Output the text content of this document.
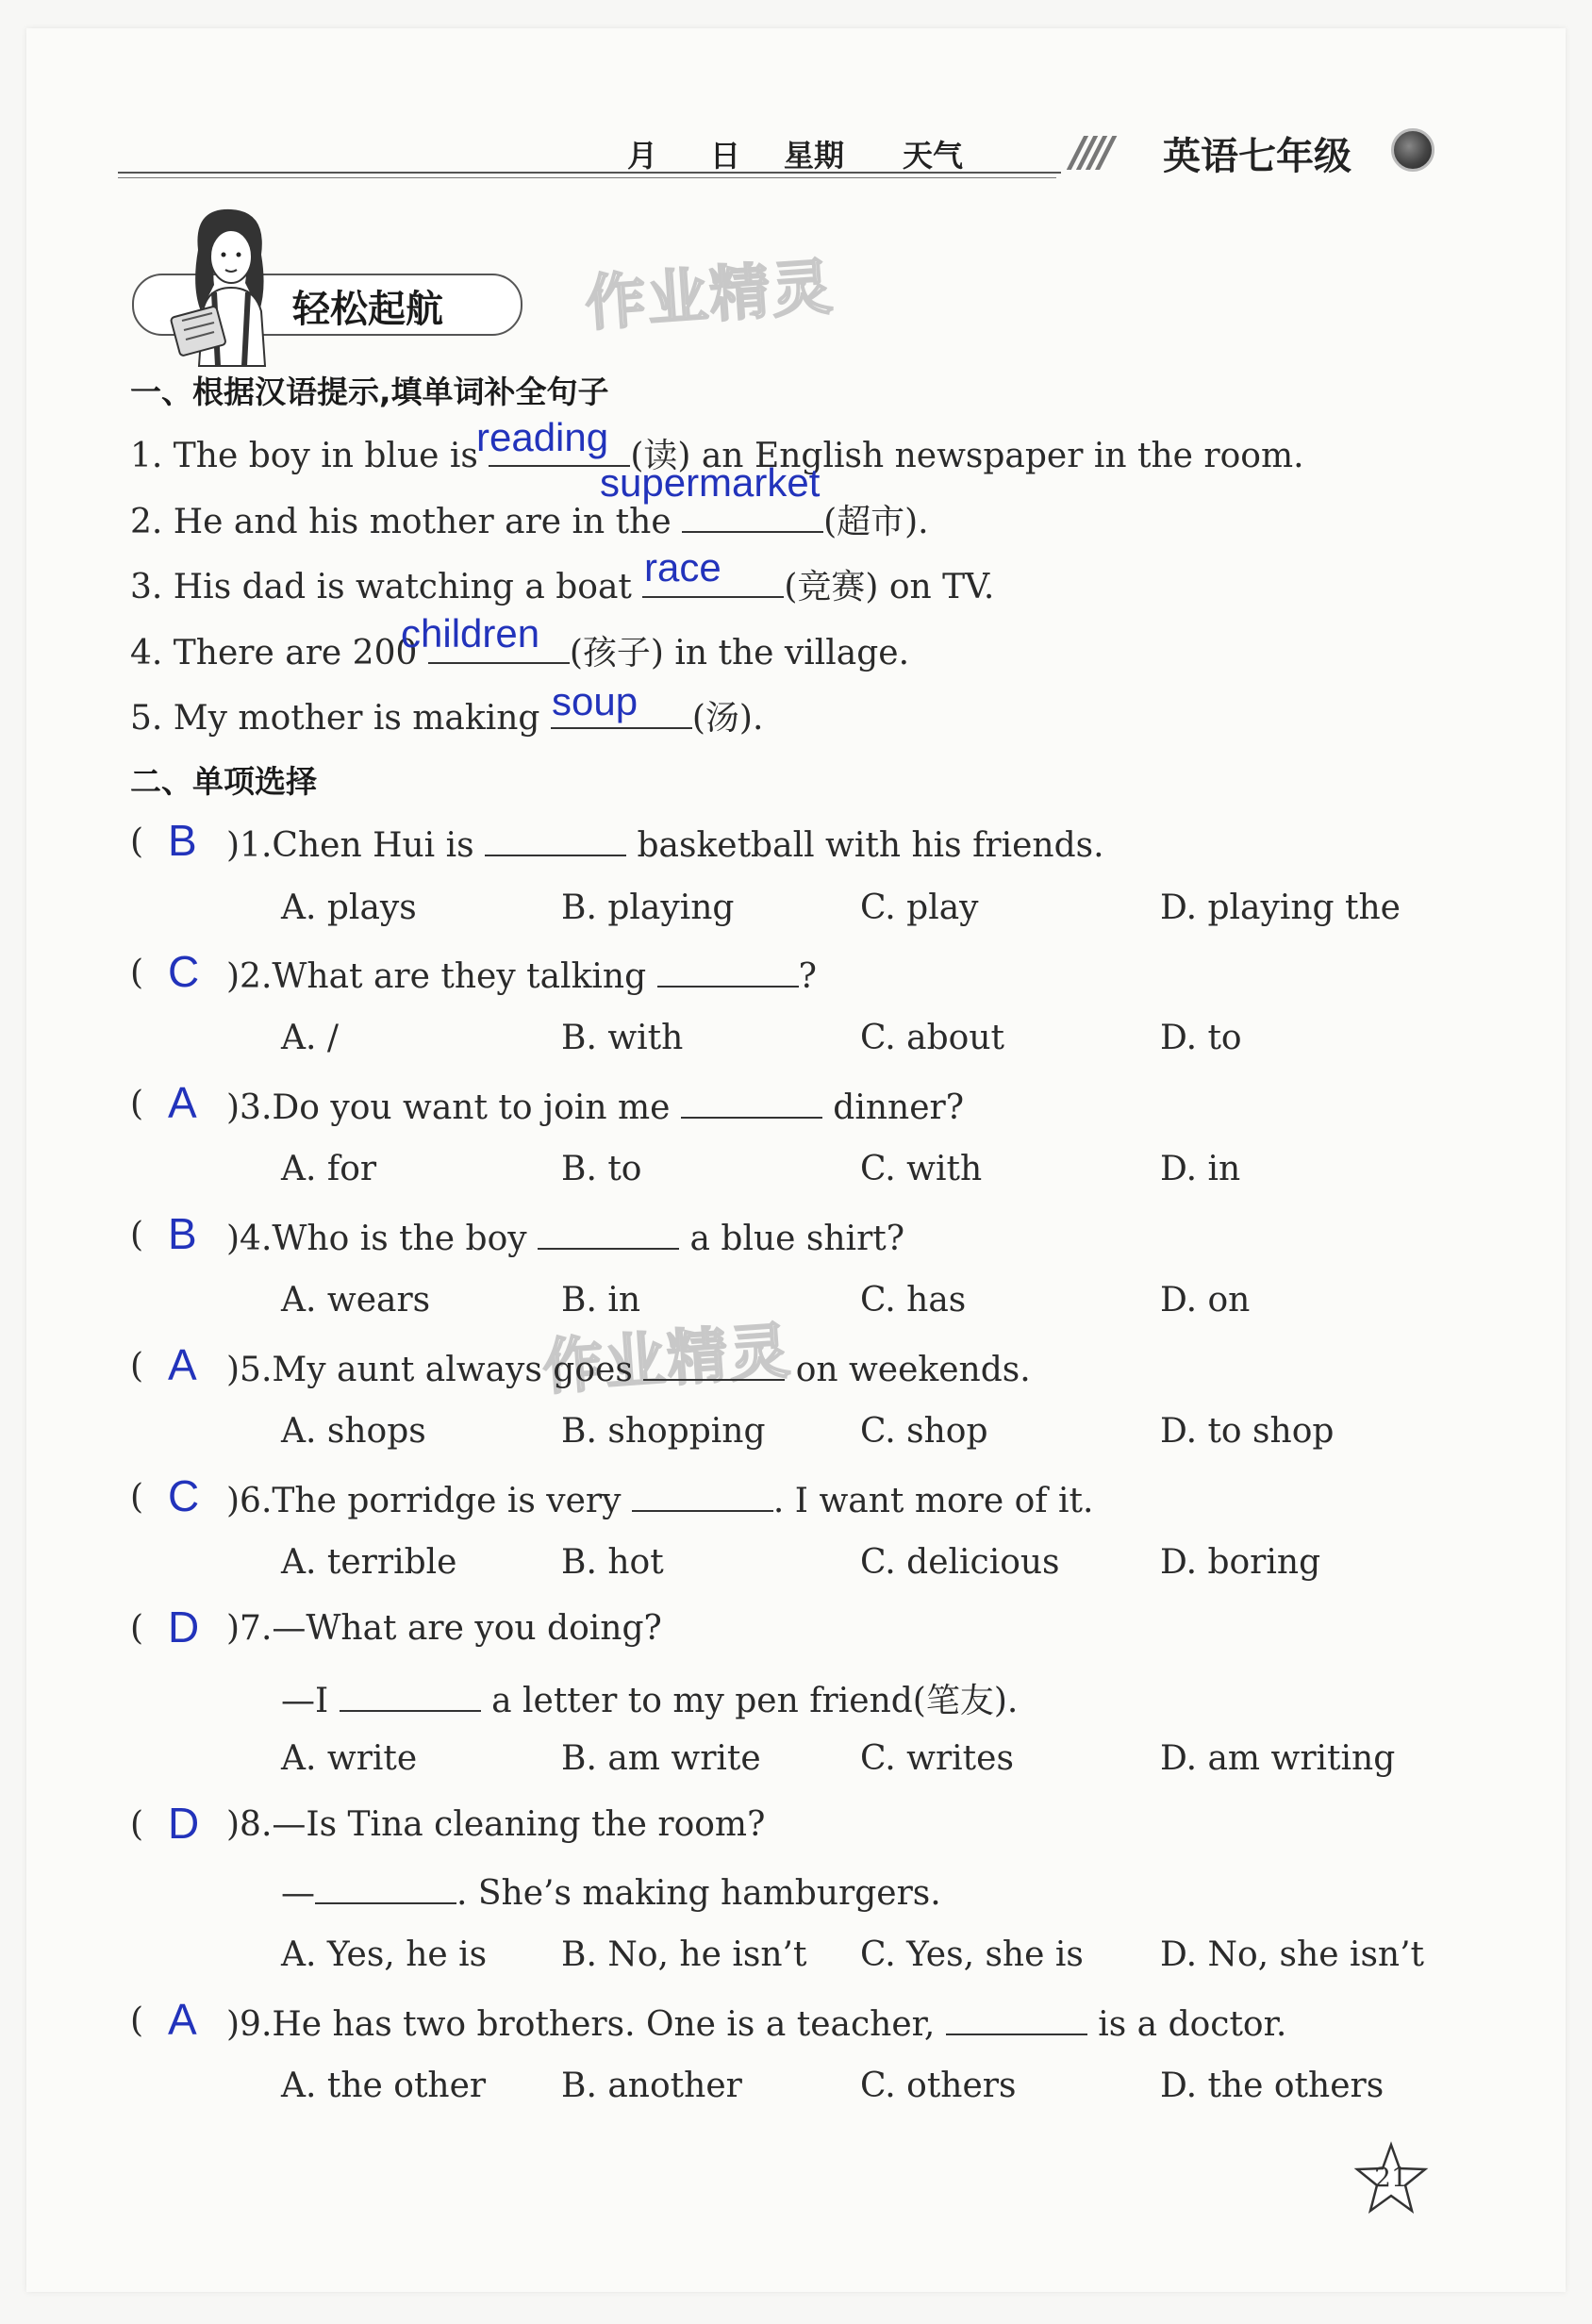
月 日 星期 天气	//// 英语七年级
轻松起航 作业精灵
作业精灵
一、根据汉语提示,填单词补全句子
1. The boy in blue is	(读) an English newspaper in the room.
reading
2. He and his mother are in the	(超市).
supermarket
3. His dad is watching a boat	(竞赛) on TV.
race
4. There are 200	(孩子) in the village.
children
5. My mother is making	(汤).
soup
二、单项选择
( B )1.Chen Hui is	basketball with his friends.
A. plays	B. playing	C. play	D. playing the
( C )2.What are they talking	?
A. /	B. with	C. about	D. to
( A )3.Do you want to join me	dinner?
A. for	B. to	C. with	D. in
( B )4.Who is the boy	a blue shirt?
A. wears	B. in	C. has	D. on
( A )5.My aunt always goes	on weekends.
A. shops	B. shopping	C. shop	D. to shop
( C )6.The porridge is very	. I want more of it.
A. terrible	B. hot	C. delicious	D. boring
( D )7.—What are you doing?
—I	a letter to my pen friend(笔友).
A. write	B. am write	C. writes	D. am writing
( D )8.—Is Tina cleaning the room?
—	. She’s making hamburgers.
A. Yes, he is B. No, he isn’t C. Yes, she is D. No, she isn’t
( A )9.He has two brothers. One is a teacher,	is a doctor.
A. the other B. another	C. others	D. the others
21
